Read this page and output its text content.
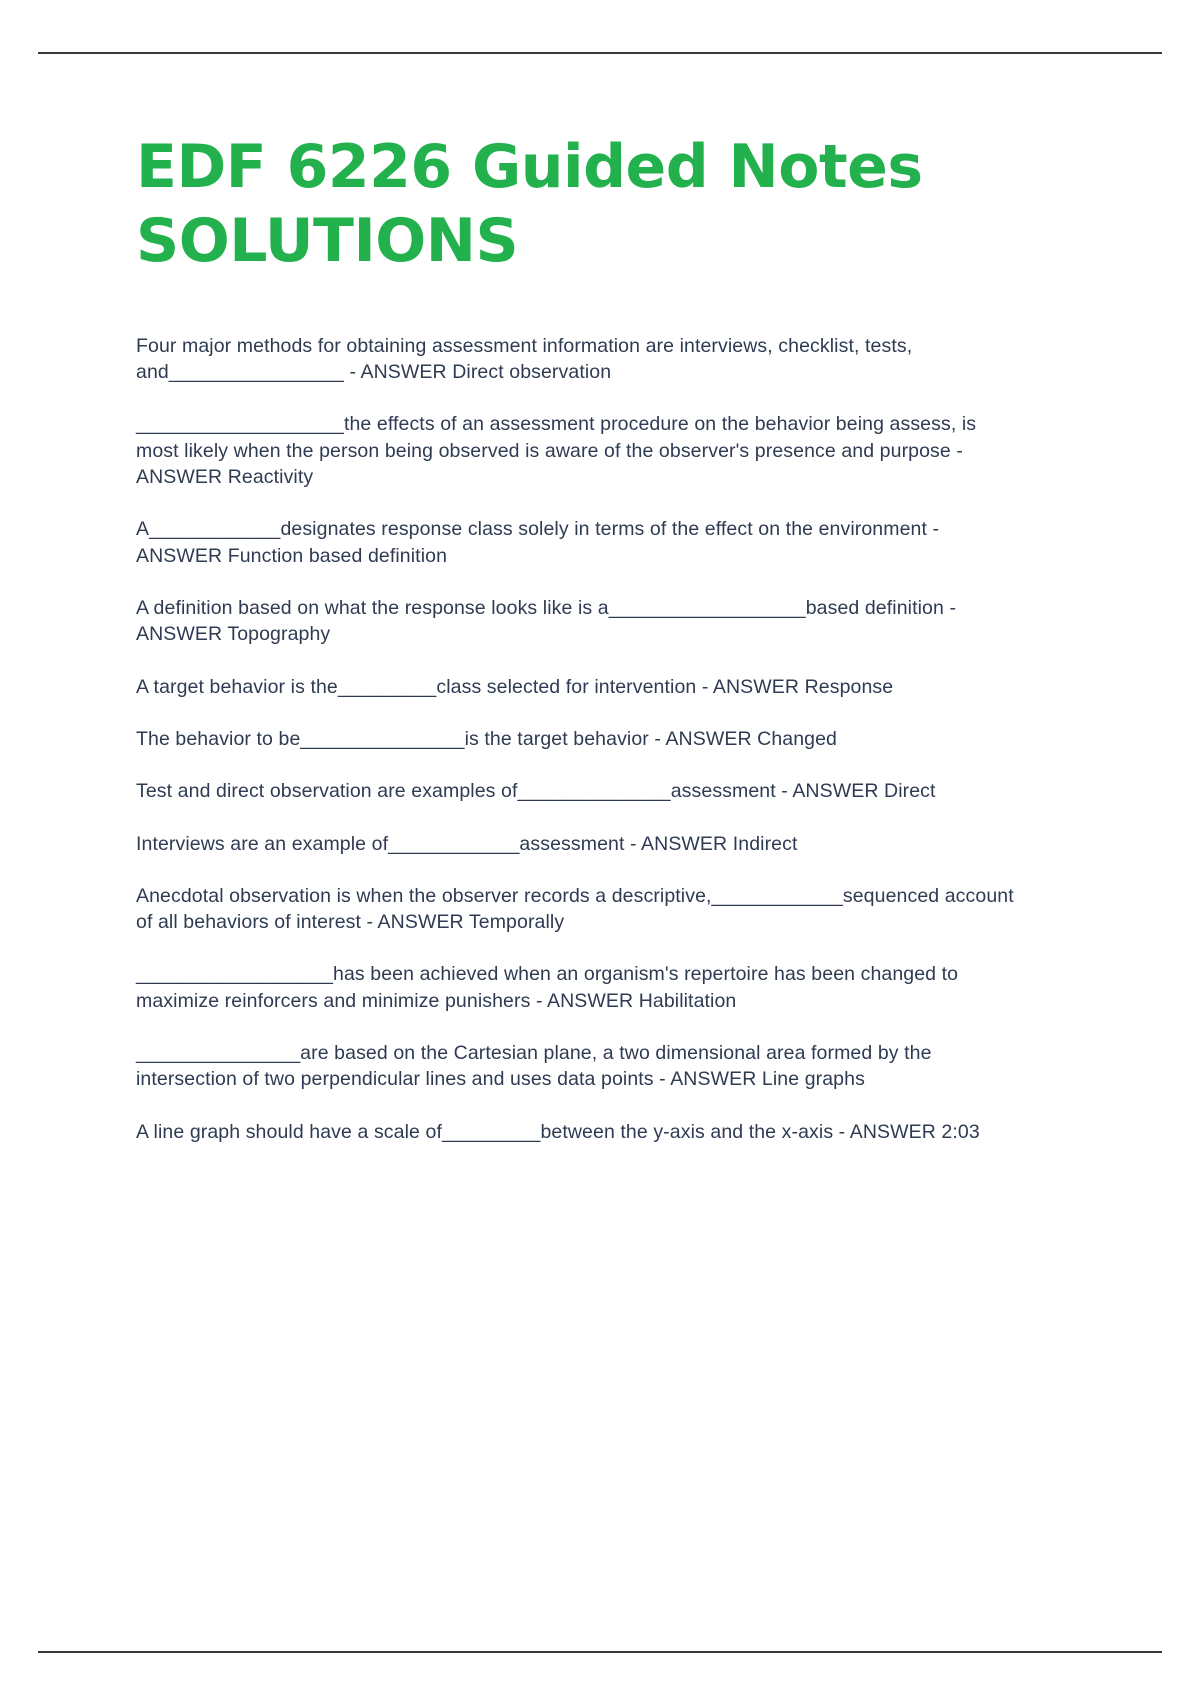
EDF 6226 Guided Notes SOLUTIONS

Four major methods for obtaining assessment information are interviews, checklist, tests, and________________ - ANSWER Direct observation

___________________the effects of an assessment procedure on the behavior being assess, is most likely when the person being observed is aware of the observer's presence and purpose - ANSWER Reactivity

A____________designates response class solely in terms of the effect on the environment - ANSWER Function based definition

A definition based on what the response looks like is a__________________based definition - ANSWER Topography

A target behavior is the_________class selected for intervention - ANSWER Response

The behavior to be_______________is the target behavior - ANSWER Changed

Test and direct observation are examples of______________assessment - ANSWER Direct

Interviews are an example of____________assessment - ANSWER Indirect

Anecdotal observation is when the observer records a descriptive,____________sequenced account of all behaviors of interest - ANSWER Temporally

__________________has been achieved when an organism's repertoire has been changed to maximize reinforcers and minimize punishers - ANSWER Habilitation

_______________are based on the Cartesian plane, a two dimensional area formed by the intersection of two perpendicular lines and uses data points - ANSWER Line graphs

A line graph should have a scale of_________between the y-axis and the x-axis - ANSWER 2:03
